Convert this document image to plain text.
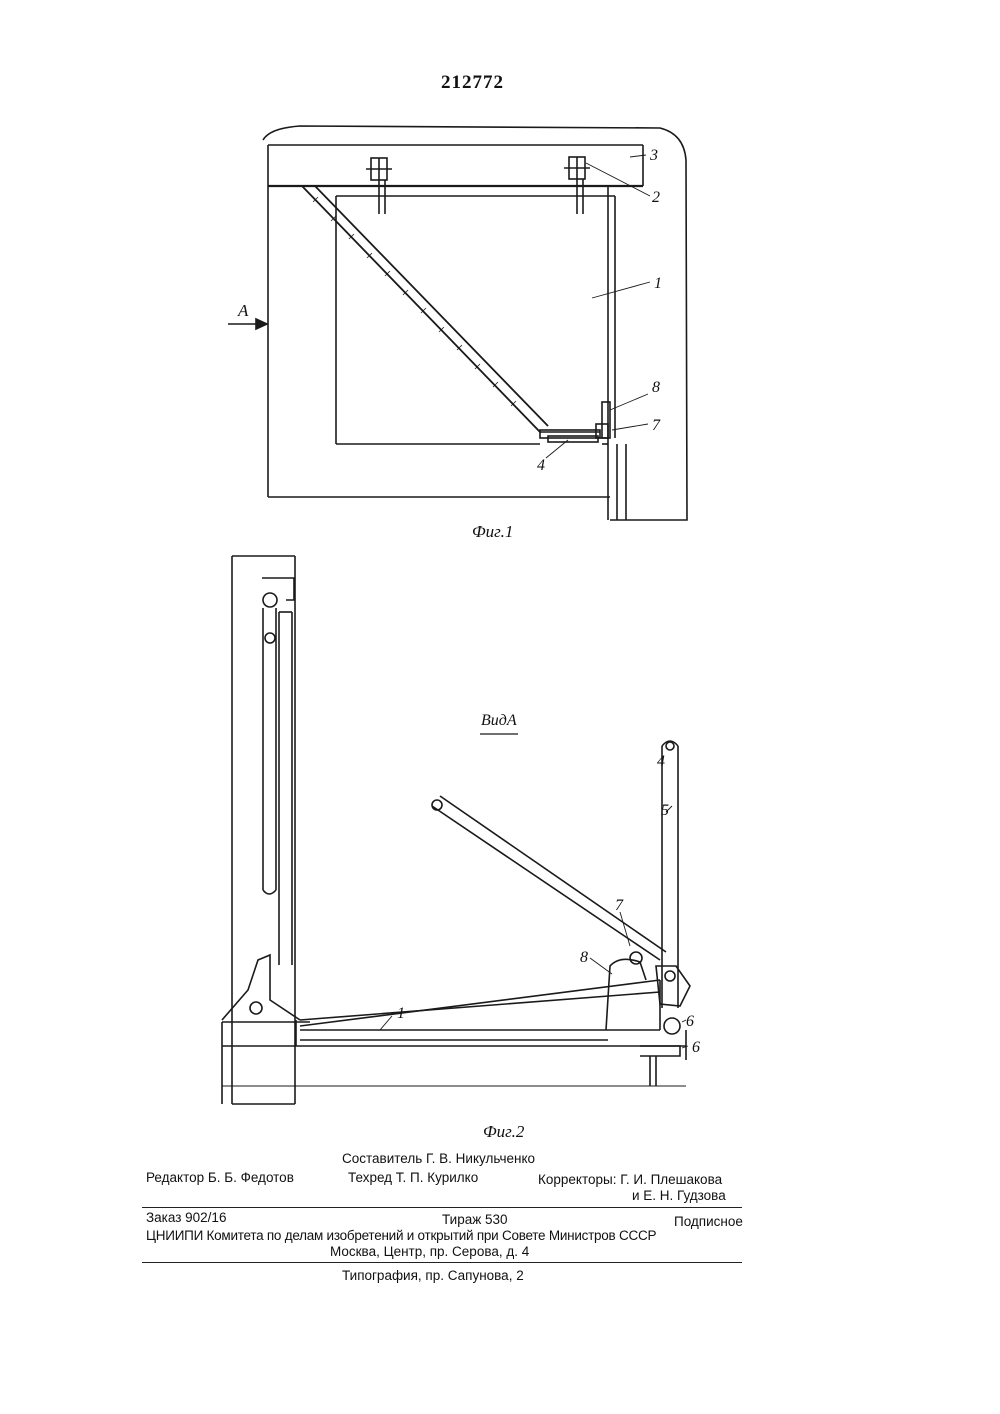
212772
3
2
1
8
7
4
A
Фиг.1
4
5
7
8
1	6
6
ВидА
Фиг.2
Составитель Г. В. Никульченко
Редактор Б. Б. Федотов	Техред Т. П. Курилко	Корректоры: Г. И. Плешакова
и Е. Н. Гудзова
Заказ 902/16	Тираж 530	Подписное
ЦНИИПИ Комитета по делам изобретений и открытий при Совете Министров СССР
Москва, Центр, пр. Серова, д. 4
Типография, пр. Сапунова, 2
